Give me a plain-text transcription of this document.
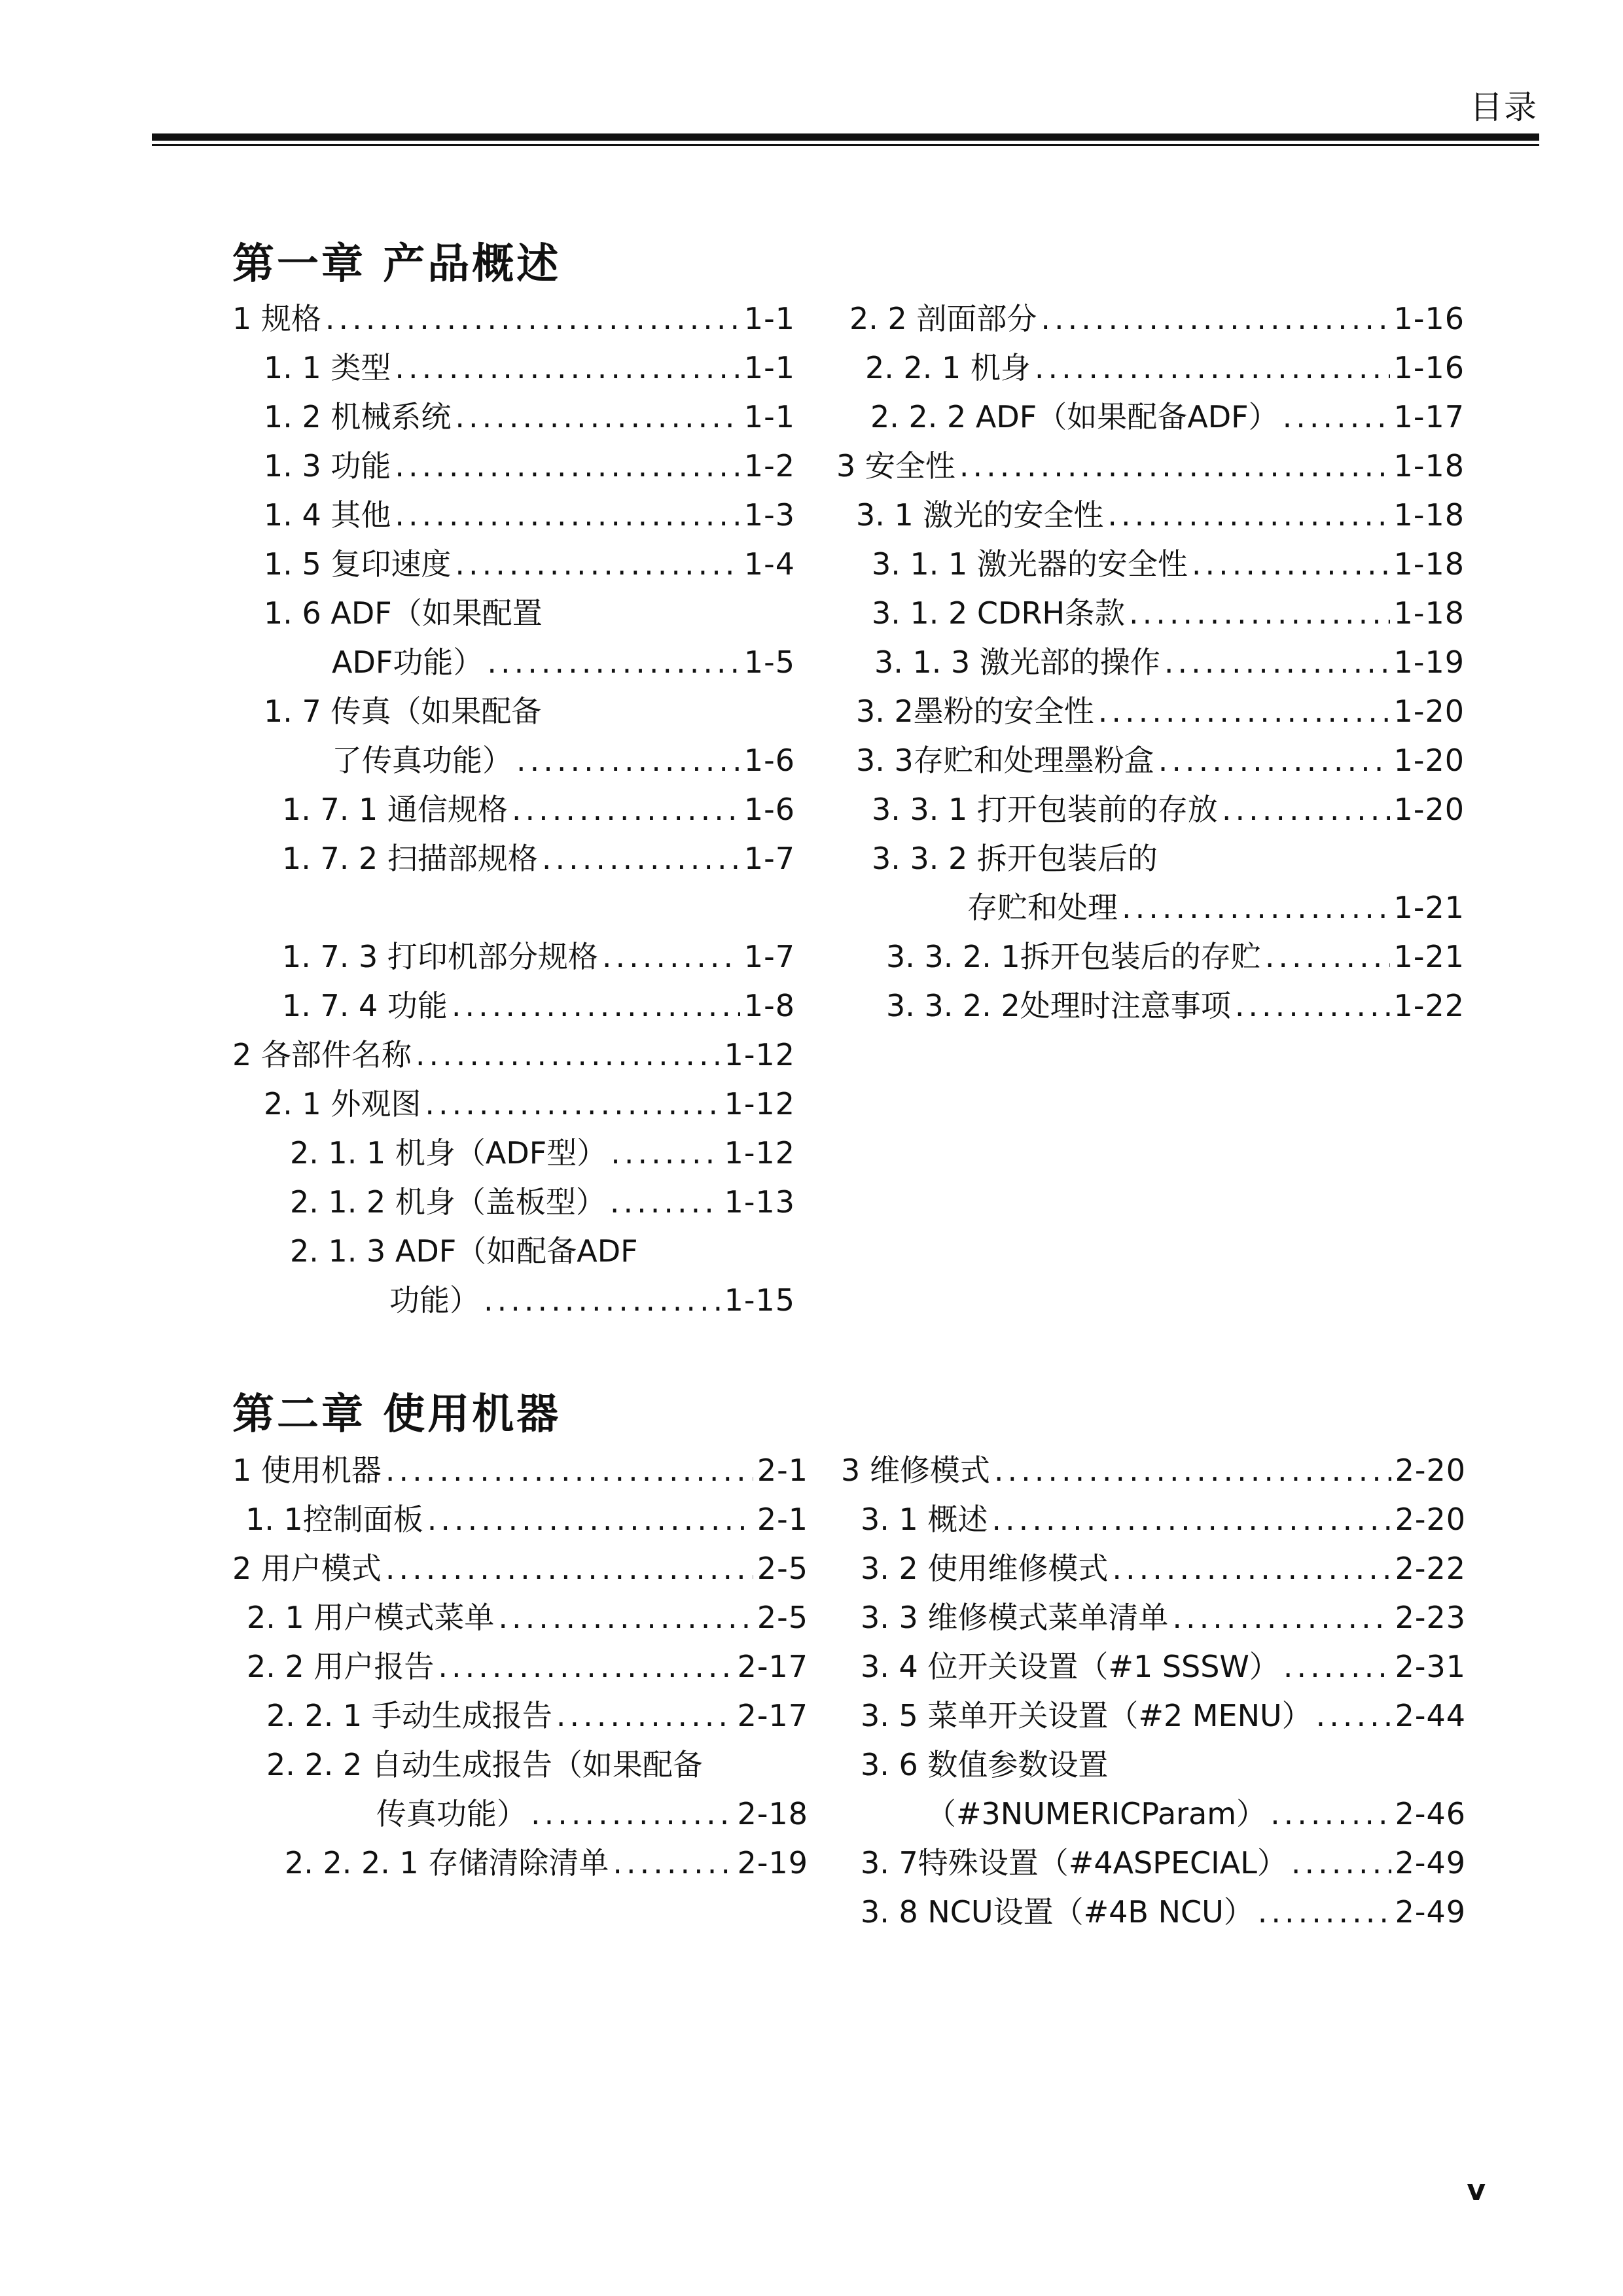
目录
第一章 产品概述
1 规格 .....	1-1
1. 1 类型 .....	1-1
1. 2 机械系统 .....	1-1
1. 3 功能 .....	1-2
1. 4 其他 .....	1-3
1. 5 复印速度 .....	1-4
1. 6 ADF（如果配置
ADF功能） .....	1-5
1. 7 传真（如果配备
了传真功能） .....	1-6
1. 7. 1 通信规格 .....	1-6
1. 7. 2 扫描部规格 .....	1-7
1. 7. 3 打印机部分规格 .....	1-7
1. 7. 4 功能 .....	1-8
2 各部件名称 .....	1-12
2. 1 外观图 .....	1-12
2. 1. 1 机身（ADF型） .....	1-12
2. 1. 2 机身（盖板型） .....	1-13
2. 1. 3 ADF（如配备ADF
功能） .....	1-15
2. 2 剖面部分 .....	1-16
2. 2. 1 机身 .....	1-16
2. 2. 2 ADF（如果配备ADF） .....	1-17
3 安全性 .....	1-18
3. 1 激光的安全性 .....	1-18
3. 1. 1 激光器的安全性 .....	1-18
3. 1. 2 CDRH条款 .....	1-18
3. 1. 3 激光部的操作 .....	1-19
3. 2墨粉的安全性 .....	1-20
3. 3存贮和处理墨粉盒 .....	1-20
3. 3. 1 打开包装前的存放 .....	1-20
3. 3. 2 拆开包装后的
存贮和处理 .....	1-21
3. 3. 2. 1拆开包装后的存贮 .....	1-21
3. 3. 2. 2处理时注意事项 .....	1-22
第二章 使用机器
1 使用机器 .....	2-1
1. 1控制面板 .....	2-1
2 用户模式 .....	2-5
2. 1 用户模式菜单 .....	2-5
2. 2 用户报告 .....	2-17
2. 2. 1 手动生成报告 .....	2-17
2. 2. 2 自动生成报告（如果配备
传真功能） .....	2-18
2. 2. 2. 1 存储清除清单 .....	2-19
3 维修模式 .....	2-20
3. 1 概述 .....	2-20
3. 2 使用维修模式 .....	2-22
3. 3 维修模式菜单清单 .....	2-23
3. 4 位开关设置（#1 SSSW） .....	2-31
3. 5 菜单开关设置（#2 MENU） .....	2-44
3. 6 数值参数设置
（#3NUMERICParam） .....	2-46
3. 7特殊设置（#4ASPECIAL） .....	2-49
3. 8 NCU设置（#4B NCU） .....	2-49
v
